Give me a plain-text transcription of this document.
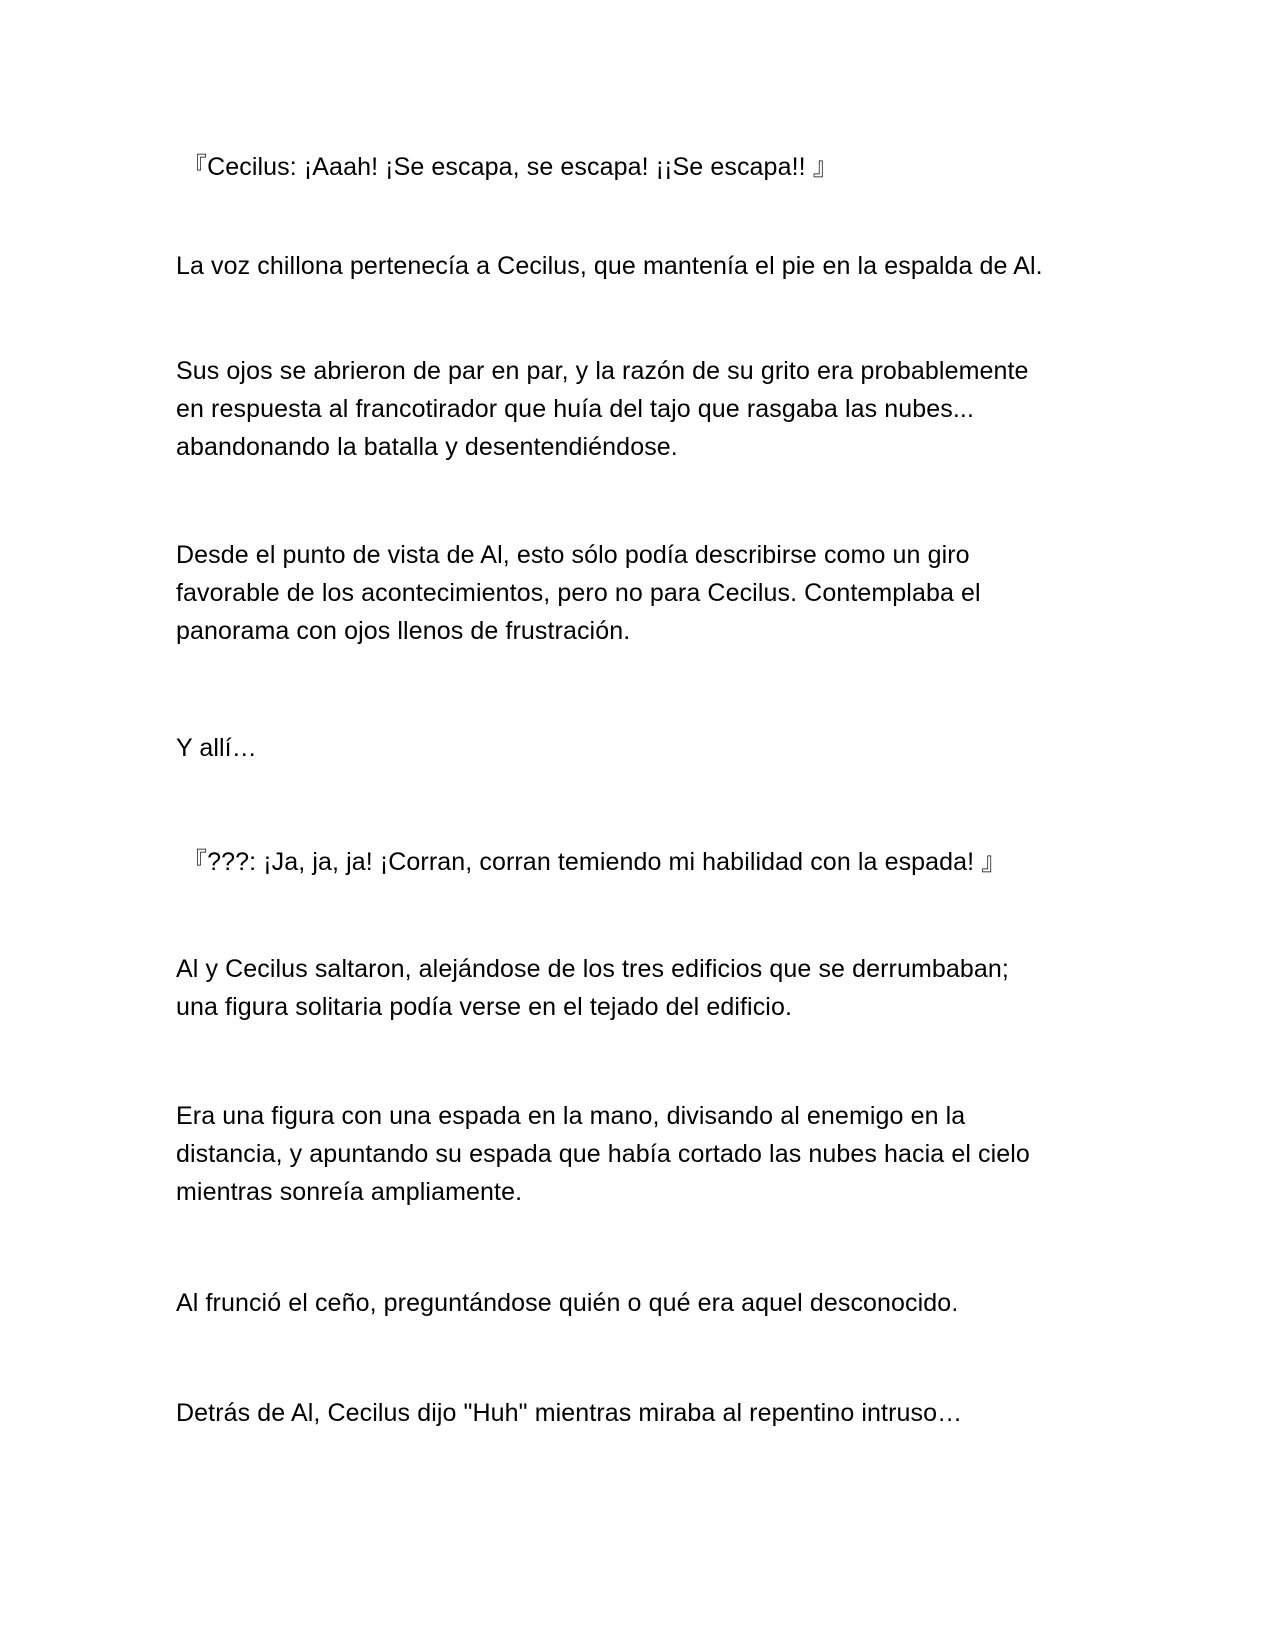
『Cecilus: ¡Aaah! ¡Se escapa, se escapa! ¡¡Se escapa!! 』

La voz chillona pertenecía a Cecilus, que mantenía el pie en la espalda de Al.

Sus ojos se abrieron de par en par, y la razón de su grito era probablemente
en respuesta al francotirador que huía del tajo que rasgaba las nubes...
abandonando la batalla y desentendiéndose.

Desde el punto de vista de Al, esto sólo podía describirse como un giro
favorable de los acontecimientos, pero no para Cecilus. Contemplaba el
panorama con ojos llenos de frustración.

Y allí…

『???: ¡Ja, ja, ja! ¡Corran, corran temiendo mi habilidad con la espada! 』

Al y Cecilus saltaron, alejándose de los tres edificios que se derrumbaban;
una figura solitaria podía verse en el tejado del edificio.

Era una figura con una espada en la mano, divisando al enemigo en la
distancia, y apuntando su espada que había cortado las nubes hacia el cielo
mientras sonreía ampliamente.

Al frunció el ceño, preguntándose quién o qué era aquel desconocido.

Detrás de Al, Cecilus dijo "Huh" mientras miraba al repentino intruso…
